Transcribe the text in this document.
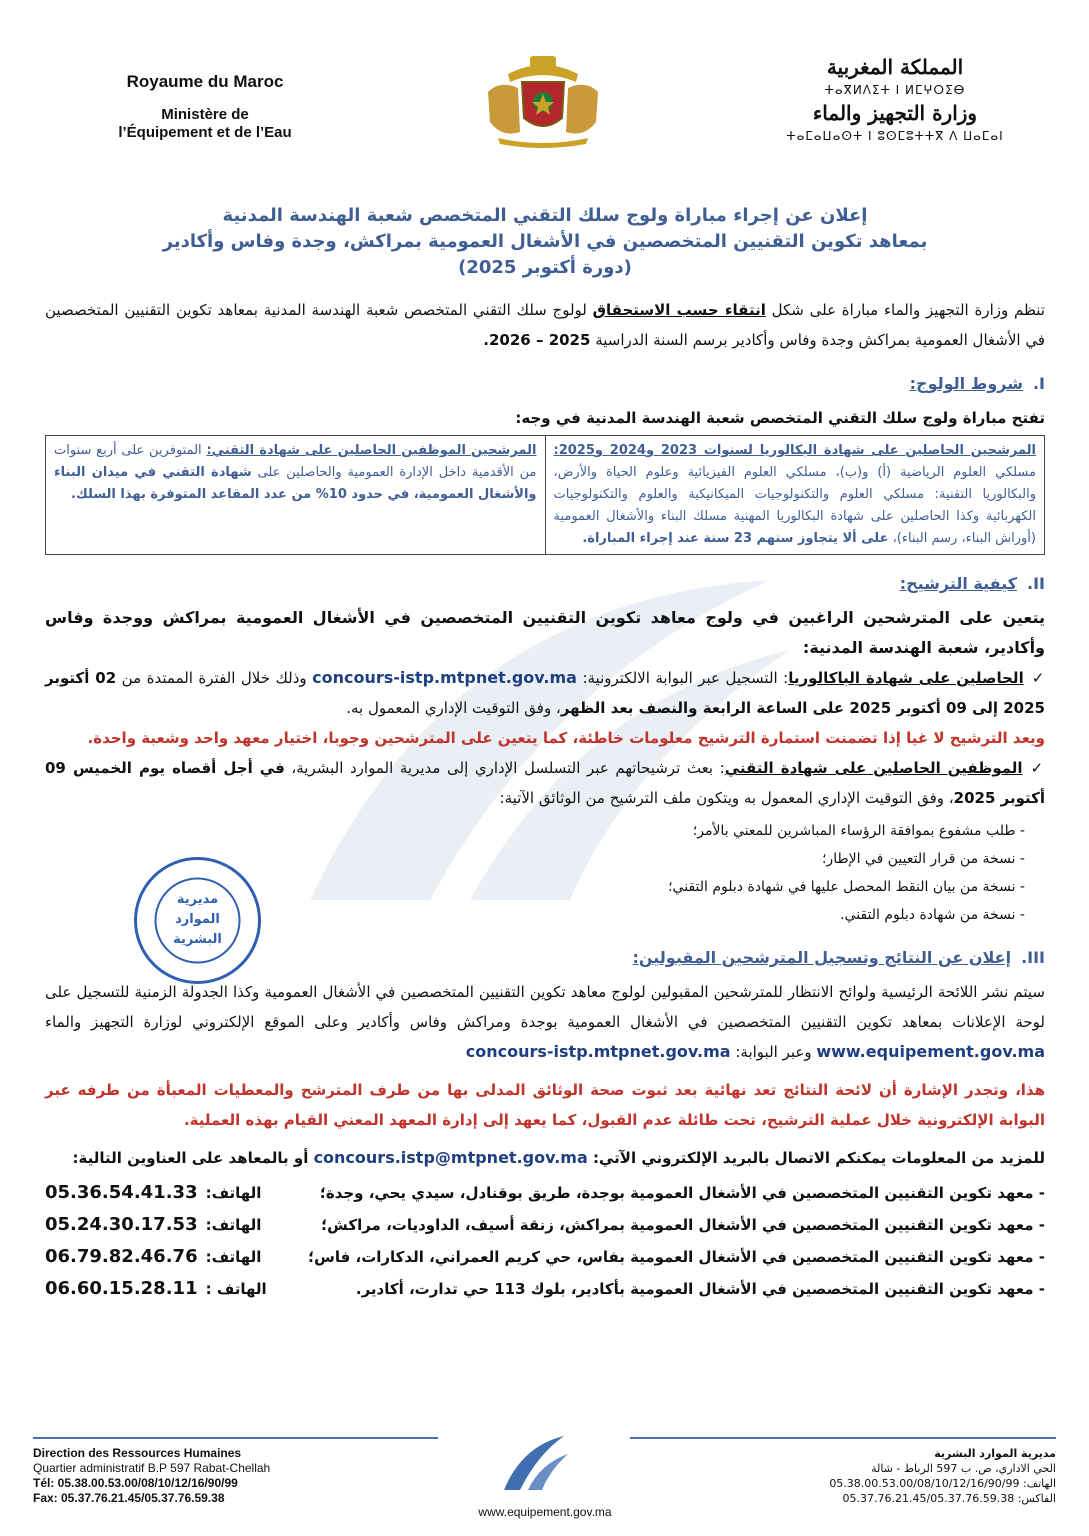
Royaume du Maroc
Ministère de
l’Équipement et de l’Eau
المملكة المغربية
ⵜⴰⴳⵍⴷⵉⵜ ⵏ ⵍⵎⵖⵔⵉⴱ
وزارة التجهيز والماء
ⵜⴰⵎⴰⵡⴰⵙⵜ ⵏ ⵓⵙⵎⵓⵜⵜⴳ ⴷ ⵡⴰⵎⴰⵏ
إعلان عن إجراء مباراة ولوج سلك التقني المتخصص شعبة الهندسة المدنية
بمعاهد تكوين التقنيين المتخصصين في الأشغال العمومية بمراكش، وجدة وفاس وأكادير
(دورة أكتوبر 2025)

تنظم وزارة التجهيز والماء مباراة على شكل انتقاء حسب الاستحقاق لولوج سلك التقني المتخصص شعبة الهندسة المدنية بمعاهد تكوين التقنيين المتخصصين في الأشغال العمومية بمراكش وجدة وفاس وأكادير برسم السنة الدراسية 2025 – 2026.

I.شروط الولوج:

تفتح مباراة ولوج سلك التقني المتخصص شعبة الهندسة المدنية في وجه:

المرشحين الحاصلين على شهادة البكالوريا لسنوات 2023 و2024 و2025: مسلكي العلوم الرياضية (أ) و(ب)، مسلكي العلوم الفيزيائية وعلوم الحياة والأرض، والبكالوريا التقنية: مسلكي العلوم والتكنولوجيات الميكانيكية والعلوم والتكنولوجيات الكهربائية وكذا الحاصلين على شهادة البكالوريا المهنية مسلك البناء والأشغال العمومية (أوراش البناء، رسم البناء)، على ألا يتجاوز سنهم 23 سنة عند إجراء المباراة.	المرشحين الموظفين الحاصلين على شهادة التقني: المتوفرين على أربع سنوات من الأقدمية داخل الإدارة العمومية والحاصلين على شهادة التقني في ميدان البناء والأشغال العمومية، في حدود 10% من عدد المقاعد المتوفرة بهذا السلك.
II.كيفية الترشيح:

يتعين على المترشحين الراغبين في ولوج معاهد تكوين التقنيين المتخصصين في الأشغال العمومية بمراكش ووجدة وفاس وأكادير، شعبة الهندسة المدنية:

✓الحاصلين على شهادة الباكالوريا: التسجيل عبر البوابة الالكترونية: concours-istp.mtpnet.gov.ma وذلك خلال الفترة الممتدة من 02 أكتوبر 2025 إلى 09 أكتوبر 2025 على الساعة الرابعة والنصف بعد الظهر، وفق التوقيت الإداري المعمول به.

ويعد الترشيح لا غيا إذا تضمنت استمارة الترشيح معلومات خاطئة، كما يتعين على المترشحين وجوبا، اختيار معهد واحد وشعبة واحدة.

✓الموظفين الحاصلين على شهادة التقني: بعث ترشيحاتهم عبر التسلسل الإداري إلى مديرية الموارد البشرية، في أجل أقصاه يوم الخميس 09 أكتوبر 2025، وفق التوقيت الإداري المعمول به ويتكون ملف الترشيح من الوثائق الآتية:

- طلب مشفوع بموافقة الرؤساء المباشرين للمعني بالأمر؛
- نسخة من قرار التعيين في الإطار؛
- نسخة من بيان النقط المحصل عليها في شهادة دبلوم التقني؛
- نسخة من شهادة دبلوم التقني.
III.إعلان عن النتائج وتسجيل المترشحين المقبولين:

سيتم نشر اللائحة الرئيسية ولوائح الانتظار للمترشحين المقبولين لولوج معاهد تكوين التقنيين المتخصصين في الأشغال العمومية وكذا الجدولة الزمنية للتسجيل على لوحة الإعلانات بمعاهد تكوين التقنيين المتخصصين في الأشغال العمومية بوجدة ومراكش وفاس وأكادير وعلى الموقع الإلكتروني لوزارة التجهيز والماء www.equipement.gov.ma وعبر البوابة: concours-istp.mtpnet.gov.ma

هذا، وتجدر الإشارة أن لائحة النتائج تعد نهائية بعد ثبوت صحة الوثائق المدلى بها من طرف المترشح والمعطيات المعبأة من طرفه عبر البوابة الإلكترونية خلال عملية الترشيح، تحت طائلة عدم القبول، كما يعهد إلى إدارة المعهد المعني القيام بهذه العملية.

للمزيد من المعلومات يمكنكم الاتصال بالبريد الإلكتروني الآتي: concours.istp@mtpnet.gov.ma أو بالمعاهد على العناوين التالية:

- معهد تكوين التقنيين المتخصصين في الأشغال العمومية بوجدة، طريق بوقنادل، سيدي يحي، وجدة؛
الهاتف:05.36.54.41.33
- معهد تكوين التقنيين المتخصصين في الأشغال العمومية بمراكش، زنقة أسيف، الداوديات، مراكش؛
الهاتف:05.24.30.17.53
- معهد تكوين التقنيين المتخصصين في الأشغال العمومية بفاس، حي كريم العمراني، الدكارات، فاس؛
الهاتف:06.79.82.46.76
- معهد تكوين التقنيين المتخصصين في الأشغال العمومية بأكادير، بلوك 113 حي تدارت، أكادير.
الهاتف :06.60.15.28.11
مديرية
الموارد
البشرية
Direction des Ressources Humaines
Quartier administratif B.P 597 Rabat-Chellah
Tél: 05.38.00.53.00/08/10/12/16/90/99
Fax: 05.37.76.21.45/05.37.76.59.38
www.equipement.gov.ma
مديرية الموارد البشرية
الحي الاداري، ص. ب 597 الرباط - شالة
الهاتف: 05.38.00.53.00/08/10/12/16/90/99
الفاكس: 05.37.76.21.45/05.37.76.59.38
